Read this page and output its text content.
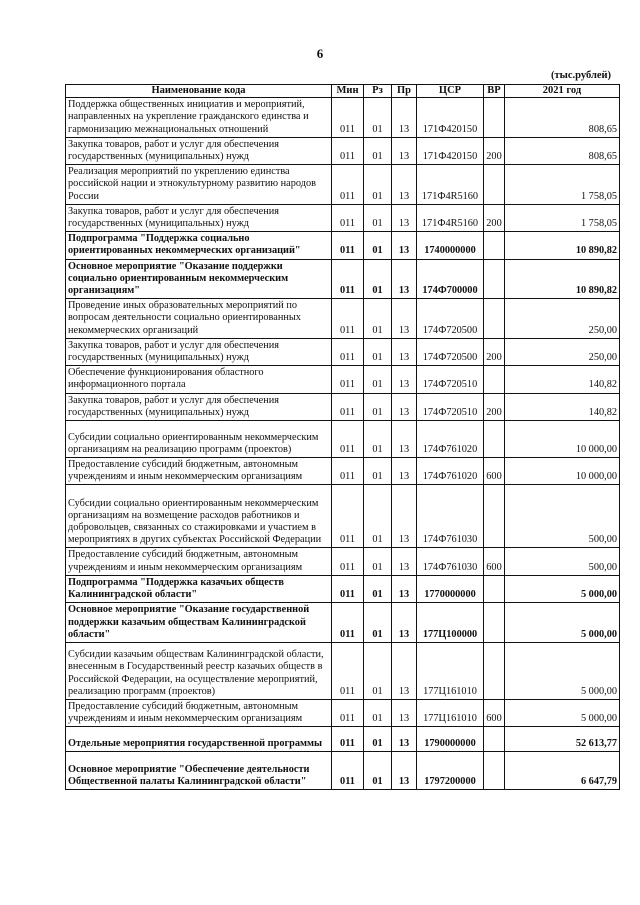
6
(тыс.рублей)
Наименование кода	Мин	Рз	Пр	ЦСР	ВР	2021 год
Поддержка общественных инициатив и мероприятий, направленных на укрепление гражданского единства и гармонизацию межнациональных отношений	011	01	13	171Ф420150		808,65
Закупка товаров, работ и услуг для обеспечения государственных (муниципальных) нужд	011	01	13	171Ф420150	200	808,65
Реализация мероприятий по укреплению единства российской нации и этнокультурному развитию народов России	011	01	13	171Ф4R5160		1 758,05
Закупка товаров, работ и услуг для обеспечения государственных (муниципальных) нужд	011	01	13	171Ф4R5160	200	1 758,05
Подпрограмма "Поддержка социально ориентированных некоммерческих организаций"	011	01	13	1740000000		10 890,82
Основное мероприятие "Оказание поддержки социально ориентированным некоммерческим организациям"	011	01	13	174Ф700000		10 890,82
Проведение иных образовательных мероприятий по вопросам деятельности социально ориентированных некоммерческих организаций	011	01	13	174Ф720500		250,00
Закупка товаров, работ и услуг для обеспечения государственных (муниципальных) нужд	011	01	13	174Ф720500	200	250,00
Обеспечение функционирования областного информационного портала	011	01	13	174Ф720510		140,82
Закупка товаров, работ и услуг для обеспечения государственных (муниципальных) нужд	011	01	13	174Ф720510	200	140,82
Субсидии социально ориентированным некоммерческим организациям на реализацию программ (проектов)	011	01	13	174Ф761020		10 000,00
Предоставление субсидий бюджетным, автономным учреждениям и иным некоммерческим организациям	011	01	13	174Ф761020	600	10 000,00
Субсидии социально ориентированным некоммерческим организациям на возмещение расходов работников и добровольцев, связанных со стажировками и участием в мероприятиях в других субъектах Российской Федерации	011	01	13	174Ф761030		500,00
Предоставление субсидий бюджетным, автономным учреждениям и иным некоммерческим организациям	011	01	13	174Ф761030	600	500,00
Подпрограмма "Поддержка казачьих обществ Калининградской области"	011	01	13	1770000000		5 000,00
Основное мероприятие "Оказание государственной поддержки казачьим обществам Калининградской области"	011	01	13	177Ц100000		5 000,00
Субсидии казачьим обществам Калининградской области, внесенным в Государственный реестр казачьих обществ в Российской Федерации, на осуществление мероприятий, реализацию программ (проектов)	011	01	13	177Ц161010		5 000,00
Предоставление субсидий бюджетным, автономным учреждениям и иным некоммерческим организациям	011	01	13	177Ц161010	600	5 000,00
Отдельные мероприятия государственной программы	011	01	13	1790000000		52 613,77
Основное мероприятие "Обеспечение деятельности Общественной палаты Калининградской области"	011	01	13	1797200000		6 647,79
